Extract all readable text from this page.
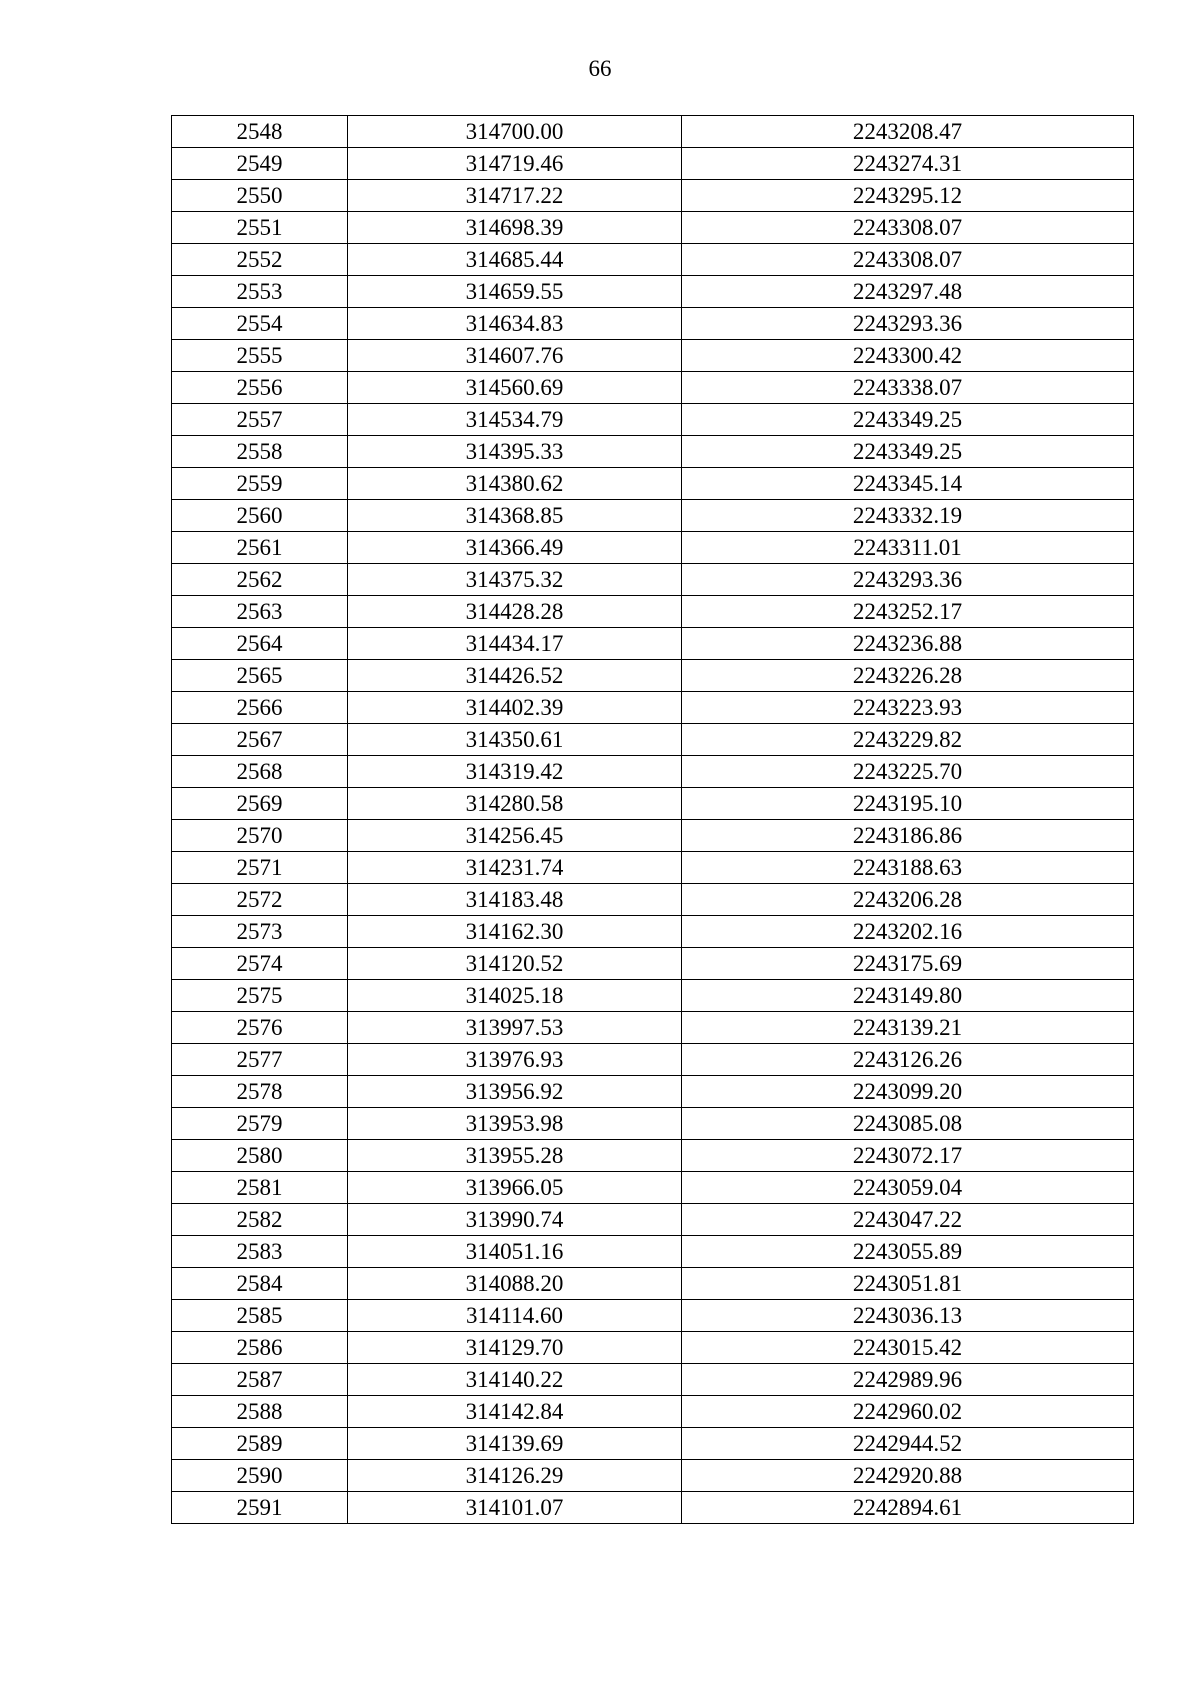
66
2548	314700.00	2243208.47
2549	314719.46	2243274.31
2550	314717.22	2243295.12
2551	314698.39	2243308.07
2552	314685.44	2243308.07
2553	314659.55	2243297.48
2554	314634.83	2243293.36
2555	314607.76	2243300.42
2556	314560.69	2243338.07
2557	314534.79	2243349.25
2558	314395.33	2243349.25
2559	314380.62	2243345.14
2560	314368.85	2243332.19
2561	314366.49	2243311.01
2562	314375.32	2243293.36
2563	314428.28	2243252.17
2564	314434.17	2243236.88
2565	314426.52	2243226.28
2566	314402.39	2243223.93
2567	314350.61	2243229.82
2568	314319.42	2243225.70
2569	314280.58	2243195.10
2570	314256.45	2243186.86
2571	314231.74	2243188.63
2572	314183.48	2243206.28
2573	314162.30	2243202.16
2574	314120.52	2243175.69
2575	314025.18	2243149.80
2576	313997.53	2243139.21
2577	313976.93	2243126.26
2578	313956.92	2243099.20
2579	313953.98	2243085.08
2580	313955.28	2243072.17
2581	313966.05	2243059.04
2582	313990.74	2243047.22
2583	314051.16	2243055.89
2584	314088.20	2243051.81
2585	314114.60	2243036.13
2586	314129.70	2243015.42
2587	314140.22	2242989.96
2588	314142.84	2242960.02
2589	314139.69	2242944.52
2590	314126.29	2242920.88
2591	314101.07	2242894.61
